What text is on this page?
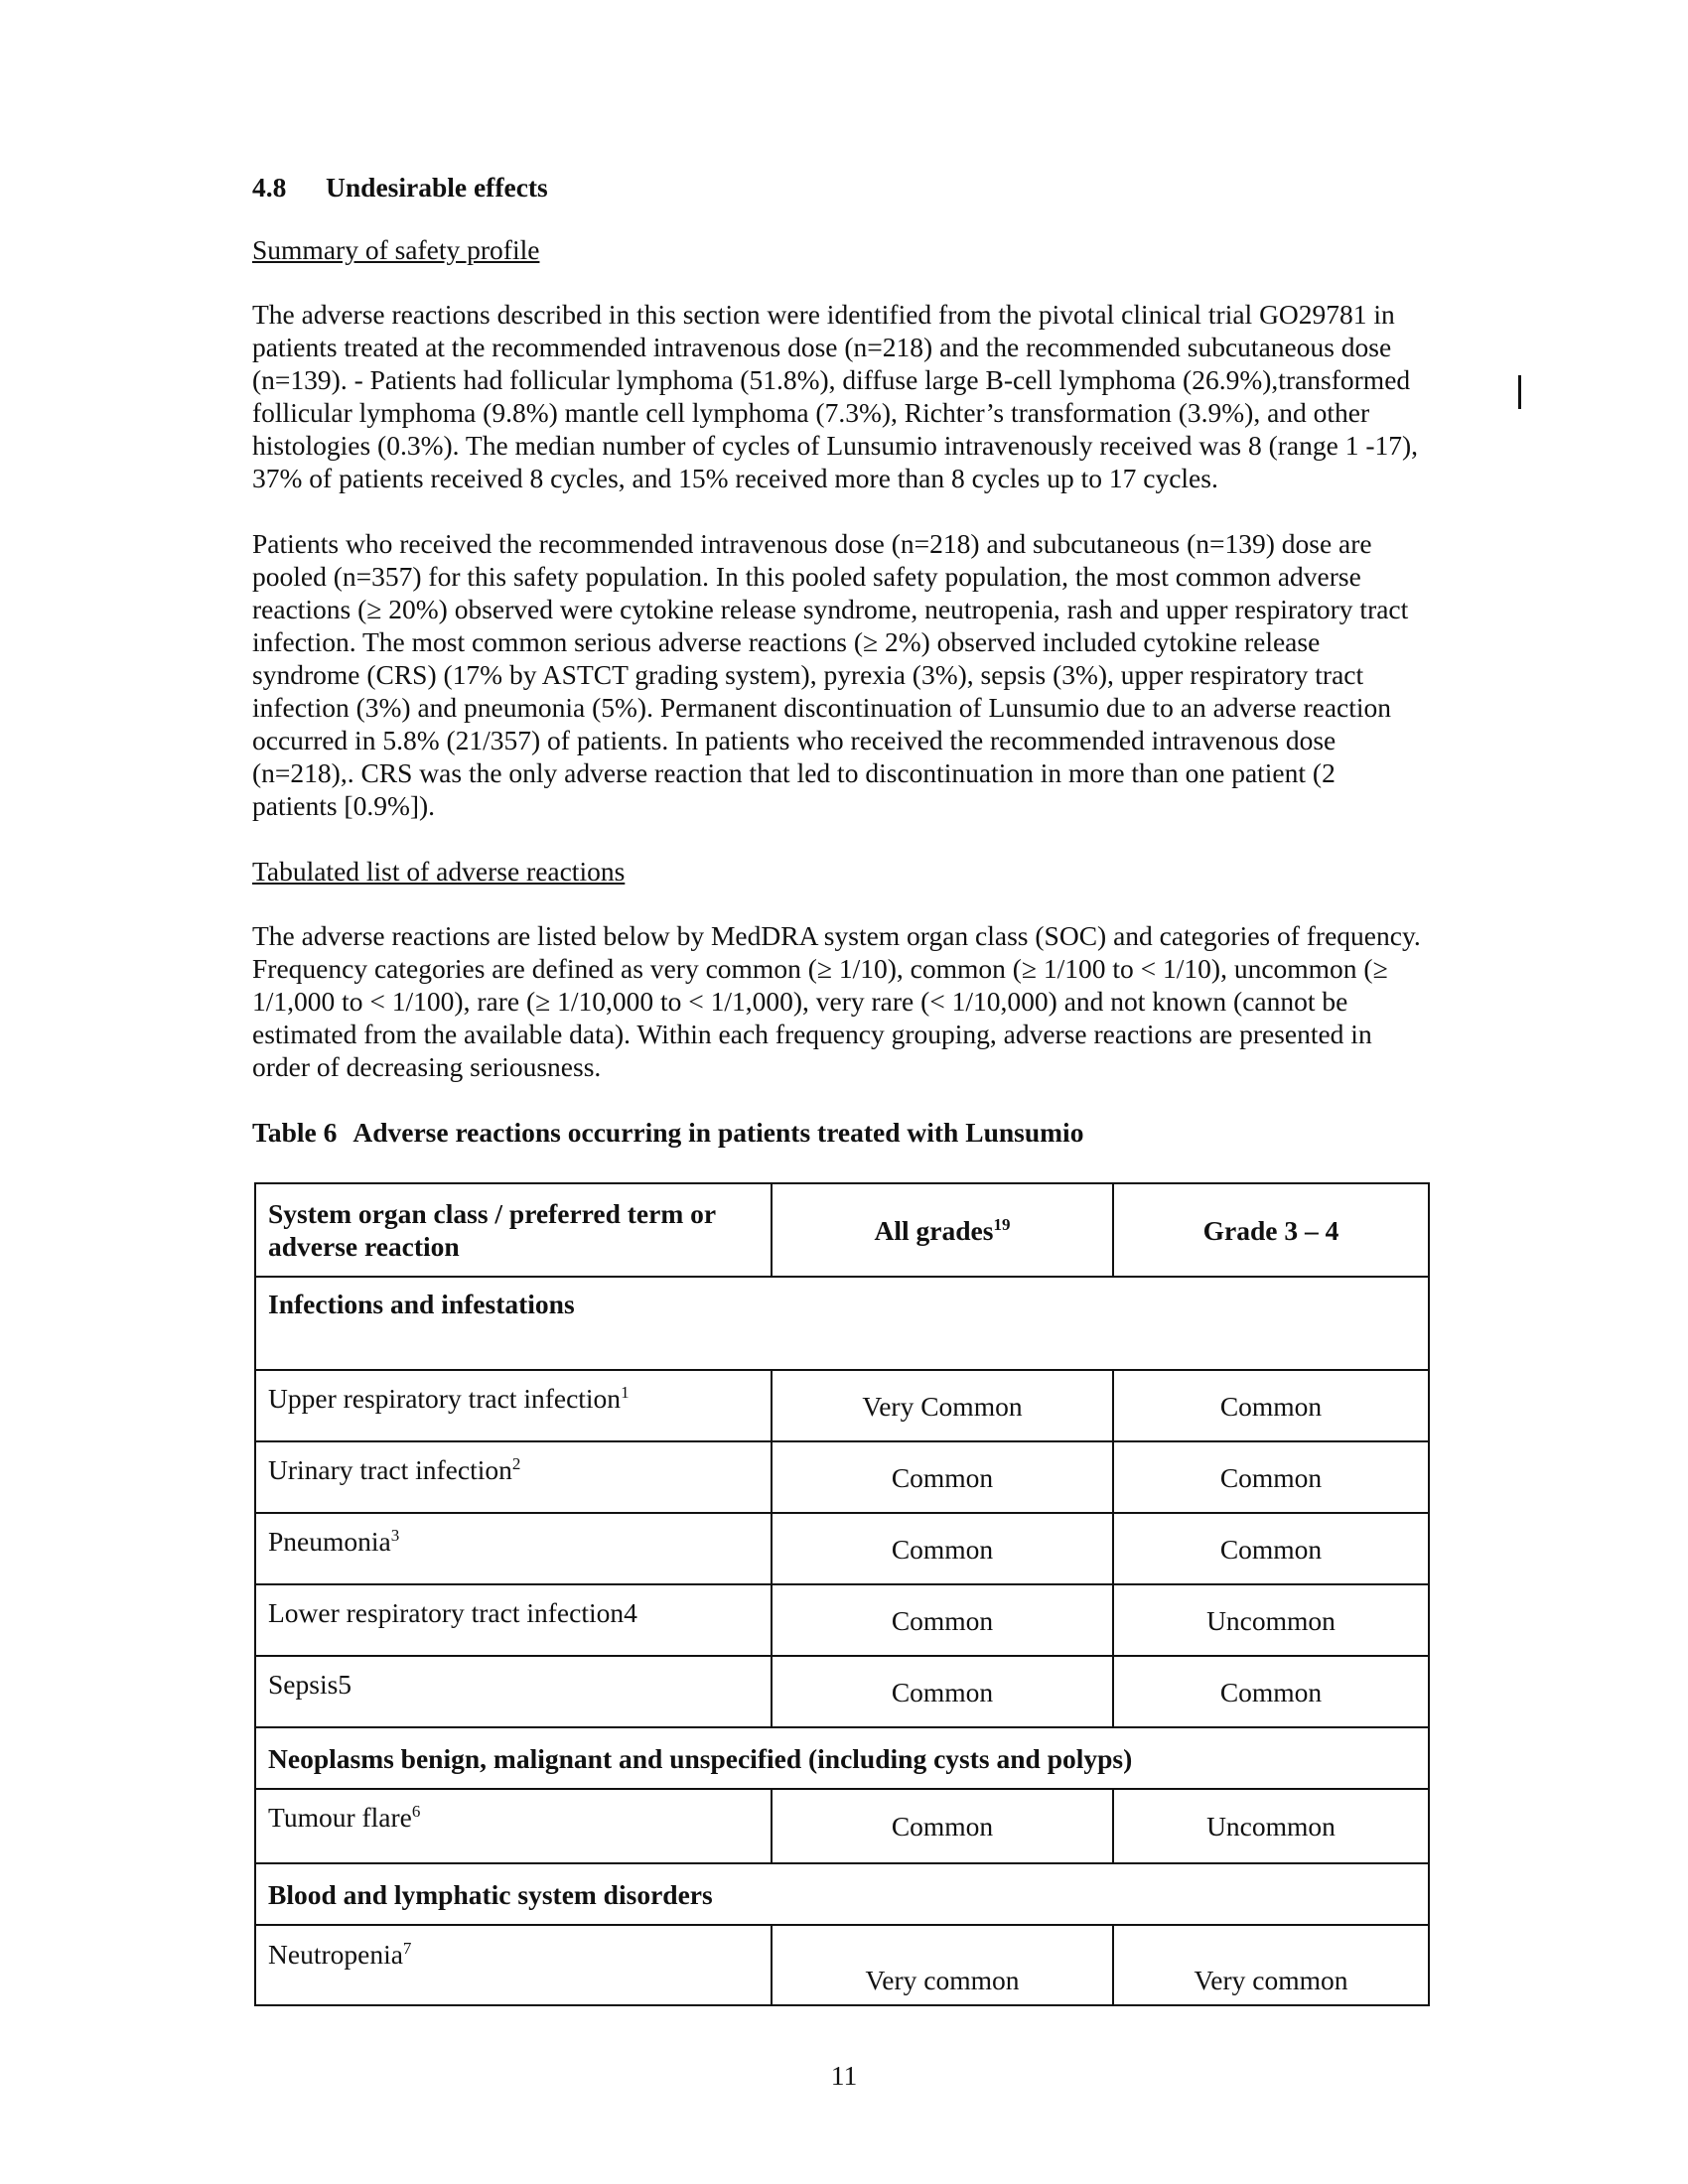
4.8 Undesirable effects
Summary of safety profile

The adverse reactions described in this section were identified from the pivotal clinical trial GO29781 in patients treated at the recommended intravenous dose (n=218) and the recommended subcutaneous dose (n=139). - Patients had follicular lymphoma (51.8%), diffuse large B-cell lymphoma (26.9%),transformed follicular lymphoma (9.8%) mantle cell lymphoma (7.3%), Richter’s transformation (3.9%), and other histologies (0.3%). The median number of cycles of Lunsumio intravenously received was 8 (range 1 -17), 37% of patients received 8 cycles, and 15% received more than 8 cycles up to 17 cycles.

Patients who received the recommended intravenous dose (n=218) and subcutaneous (n=139) dose are pooled (n=357) for this safety population. In this pooled safety population, the most common adverse reactions (≥ 20%) observed were cytokine release syndrome, neutropenia, rash and upper respiratory tract infection. The most common serious adverse reactions (≥ 2%) observed included cytokine release syndrome (CRS) (17% by ASTCT grading system), pyrexia (3%), sepsis (3%), upper respiratory tract infection (3%) and pneumonia (5%). Permanent discontinuation of Lunsumio due to an adverse reaction occurred in 5.8% (21/357) of patients. In patients who received the recommended intravenous dose (n=218),. CRS was the only adverse reaction that led to discontinuation in more than one patient (2 patients [0.9%]).

Tabulated list of adverse reactions

The adverse reactions are listed below by MedDRA system organ class (SOC) and categories of frequency. Frequency categories are defined as very common (≥ 1/10), common (≥ 1/100 to < 1/10), uncommon (≥ 1/1,000 to < 1/100), rare (≥ 1/10,000 to < 1/1,000), very rare (< 1/10,000) and not known (cannot be estimated from the available data). Within each frequency grouping, adverse reactions are presented in order of decreasing seriousness.

Table 6 Adverse reactions occurring in patients treated with Lunsumio
System organ class / preferred term or adverse reaction	All grades$^{19}$	Grade 3 – 4
Infections and infestations		
Upper respiratory tract infection$^1$	Very Common	Common
Urinary tract infection$^2$	Common	Common
Pneumonia$^3$	Common	Common
Lower respiratory tract infection4	Common	Uncommon
Sepsis5	Common	Common
Neoplasms benign, malignant and unspecified (including cysts and polyps)		
Tumour flare$^6$	Common	Uncommon
Blood and lymphatic system disorders		
Neutropenia$^7$	Very common	Very common
11
